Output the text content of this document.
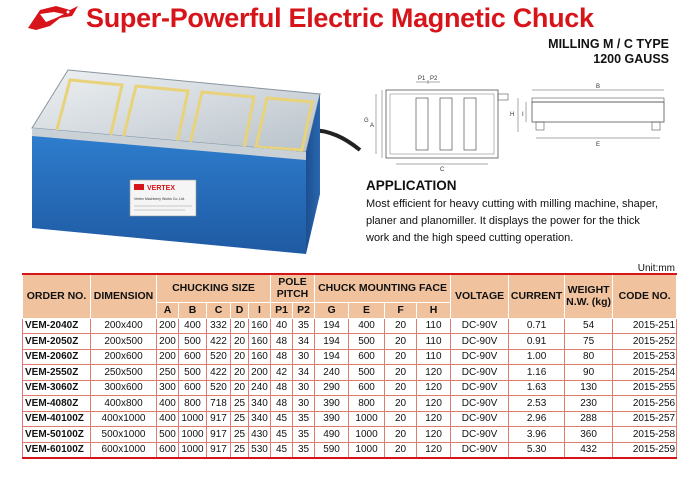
Super-Powerful Electric Magnetic Chuck
MILLING M / C TYPE
1200 GAUSS
VERTEX
Vertex Machinery Works Co.,Ltd.
P1 P2
A
G
C
H
B
E
I
APPLICATION
Most efficient for heavy cutting with milling machine, shaper, planer and planomiller. It displays the power for the thick work and the high speed cutting operation.
Unit:mm
ORDER NO.	DIMENSION	CHUCKING SIZE					POLE PITCH		CHUCK MOUNTING FACE				VOLTAGE	CURRENT	WEIGHT N.W. (kg)	CODE NO.
		A	B	C	D	I	P1	P2	G	E	F	H				
VEM-2040Z	200x400	200	400	332	20	160	40	35	194	400	20	110	DC-90V	0.71	54	2015-251
VEM-2050Z	200x500	200	500	422	20	160	48	34	194	500	20	110	DC-90V	0.91	75	2015-252
VEM-2060Z	200x600	200	600	520	20	160	48	30	194	600	20	110	DC-90V	1.00	80	2015-253
VEM-2550Z	250x500	250	500	422	20	200	42	34	240	500	20	120	DC-90V	1.16	90	2015-254
VEM-3060Z	300x600	300	600	520	20	240	48	30	290	600	20	120	DC-90V	1.63	130	2015-255
VEM-4080Z	400x800	400	800	718	25	340	48	30	390	800	20	120	DC-90V	2.53	230	2015-256
VEM-40100Z	400x1000	400	1000	917	25	340	45	35	390	1000	20	120	DC-90V	2.96	288	2015-257
VEM-50100Z	500x1000	500	1000	917	25	430	45	35	490	1000	20	120	DC-90V	3.96	360	2015-258
VEM-60100Z	600x1000	600	1000	917	25	530	45	35	590	1000	20	120	DC-90V	5.30	432	2015-259
